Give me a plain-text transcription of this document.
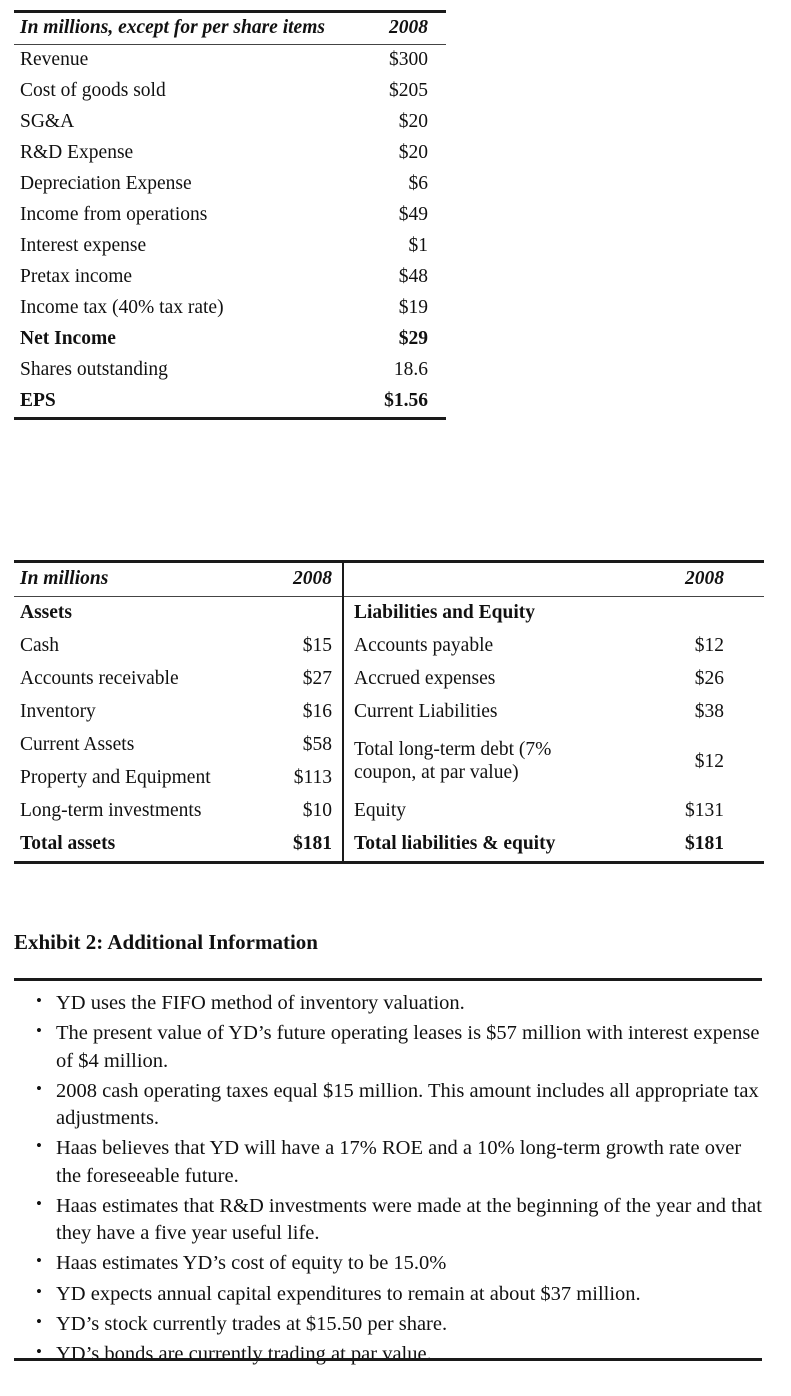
In millions, except for per share items	2008
Revenue	$300
Cost of goods sold	$205
SG&A	$20
R&D Expense	$20
Depreciation Expense	$6
Income from operations	$49
Interest expense	$1
Pretax income	$48
Income tax (40% tax rate)	$19
Net Income	$29
Shares outstanding	18.6
EPS	$1.56

In millions	2008		2008
Assets		Liabilities and Equity	
Cash	$15	Accounts payable	$12
Accounts receivable	$27	Accrued expenses	$26
Inventory	$16	Current Liabilities	$38
Current Assets	$58	Total long-term debt (7% coupon, at par value)	$12
Property and Equipment	$113		
Long-term investments	$10	Equity	$131
Total assets	$181	Total liabilities & equity	$181

Exhibit 2: Additional Information
• YD uses the FIFO method of inventory valuation.
• The present value of YD’s future operating leases is $57 million with interest expense of $4 million.
• 2008 cash operating taxes equal $15 million. This amount includes all appropriate tax adjustments.
• Haas believes that YD will have a 17% ROE and a 10% long-term growth rate over the foreseeable future.
• Haas estimates that R&D investments were made at the beginning of the year and that they have a five year useful life.
• Haas estimates YD’s cost of equity to be 15.0%
• YD expects annual capital expenditures to remain at about $37 million.
• YD’s stock currently trades at $15.50 per share.
• YD’s bonds are currently trading at par value.
